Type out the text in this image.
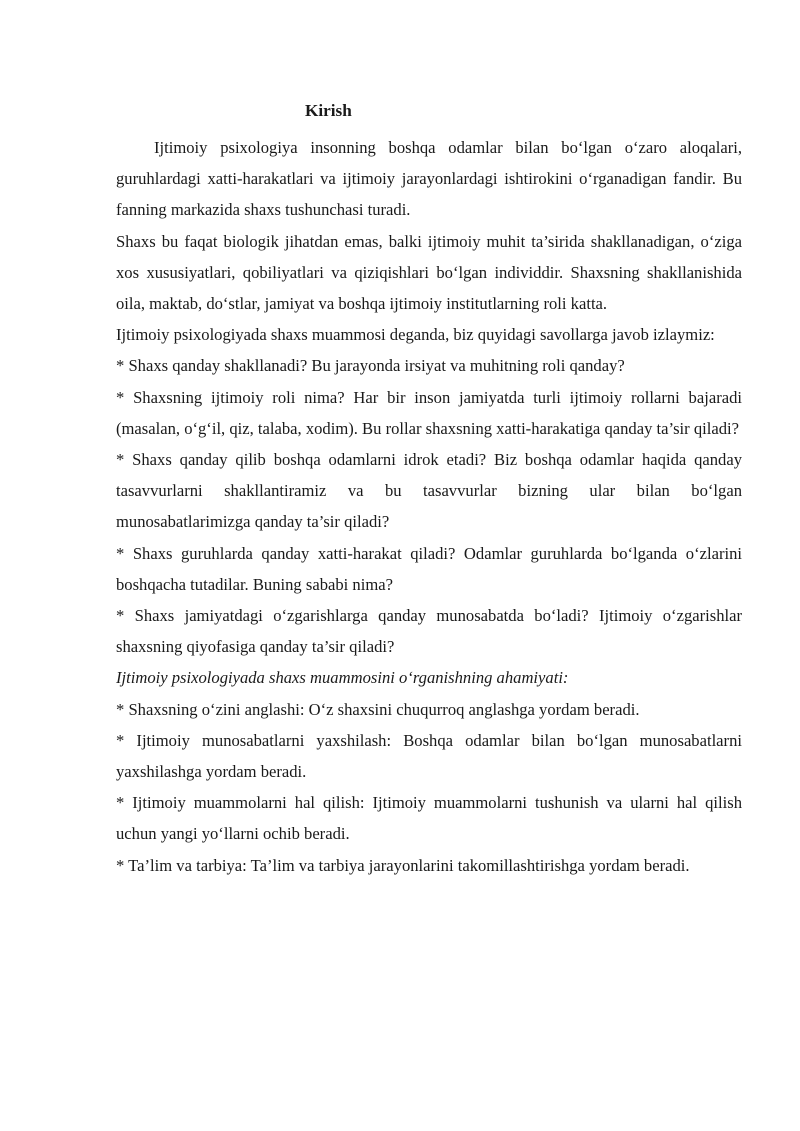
Kirish

Ijtimoiy psixologiya insonning boshqa odamlar bilan bo‘lgan o‘zaro aloqalari, guruhlardagi xatti-harakatlari va ijtimoiy jarayonlardagi ishtirokini o‘rganadigan fandir. Bu fanning markazida shaxs tushunchasi turadi.

Shaxs bu faqat biologik jihatdan emas, balki ijtimoiy muhit ta’sirida shakllanadigan, o‘ziga xos xususiyatlari, qobiliyatlari va qiziqishlari bo‘lgan individdir. Shaxsning shakllanishida oila, maktab, do‘stlar, jamiyat va boshqa ijtimoiy institutlarning roli katta.

Ijtimoiy psixologiyada shaxs muammosi deganda, biz quyidagi savollarga javob izlaymiz:

* Shaxs qanday shakllanadi? Bu jarayonda irsiyat va muhitning roli qanday?

* Shaxsning ijtimoiy roli nima? Har bir inson jamiyatda turli ijtimoiy rollarni bajaradi (masalan, o‘g‘il, qiz, talaba, xodim). Bu rollar shaxsning xatti-harakatiga qanday ta’sir qiladi?

* Shaxs qanday qilib boshqa odamlarni idrok etadi? Biz boshqa odamlar haqida qanday tasavvurlarni shakllantiramiz va bu tasavvurlar bizning ular bilan bo‘lgan munosabatlarimizga qanday ta’sir qiladi?

* Shaxs guruhlarda qanday xatti-harakat qiladi? Odamlar guruhlarda bo‘lganda o‘zlarini boshqacha tutadilar. Buning sababi nima?

* Shaxs jamiyatdagi o‘zgarishlarga qanday munosabatda bo‘ladi? Ijtimoiy o‘zgarishlar shaxsning qiyofasiga qanday ta’sir qiladi?

Ijtimoiy psixologiyada shaxs muammosini o‘rganishning ahamiyati:

* Shaxsning o‘zini anglashi: O‘z shaxsini chuqurroq anglashga yordam beradi.

* Ijtimoiy munosabatlarni yaxshilash: Boshqa odamlar bilan bo‘lgan munosabatlarni yaxshilashga yordam beradi.

* Ijtimoiy muammolarni hal qilish: Ijtimoiy muammolarni tushunish va ularni hal qilish uchun yangi yo‘llarni ochib beradi.

* Ta’lim va tarbiya: Ta’lim va tarbiya jarayonlarini takomillashtirishga yordam beradi.
